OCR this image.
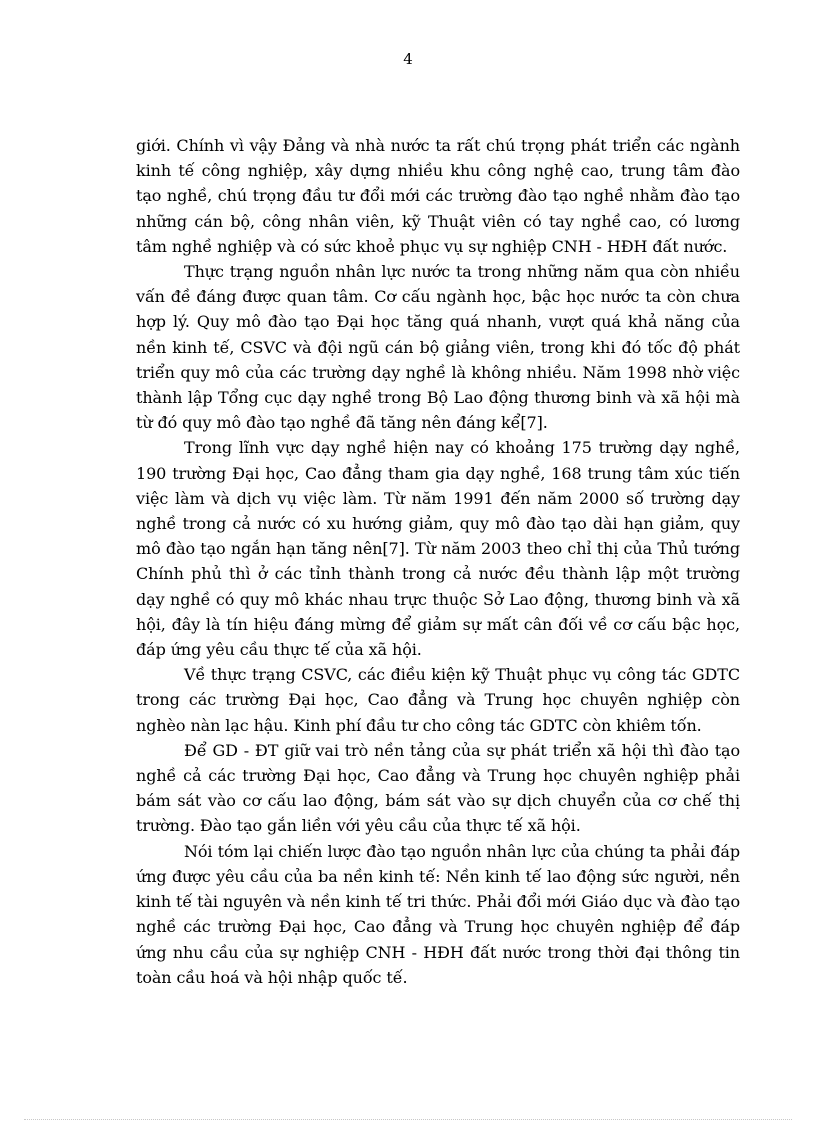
4

giới. Chính vì vậy Đảng và nhà nước ta rất chú trọng phát triển các ngành kinh tế công nghiệp, xây dựng nhiều khu công nghệ cao, trung tâm đào tạo nghề, chú trọng đầu tư đổi mới các trường đào tạo nghề nhằm đào tạo những cán bộ, công nhân viên, kỹ Thuật viên có tay nghề cao, có lương tâm nghề nghiệp và có sức khoẻ phục vụ sự nghiệp CNH - HĐH đất nước.

Thực trạng nguồn nhân lực nước ta trong những năm qua còn nhiều vấn đề đáng được quan tâm. Cơ cấu ngành học, bậc học nước ta còn chưa hợp lý. Quy mô đào tạo Đại học tăng quá nhanh, vượt quá khả năng của nền kinh tế, CSVC và đội ngũ cán bộ giảng viên, trong khi đó tốc độ phát triển quy mô của các trường dạy nghề là không nhiều. Năm 1998 nhờ việc thành lập Tổng cục dạy nghề trong Bộ Lao động thương binh và xã hội mà từ đó quy mô đào tạo nghề đã tăng nên đáng kể[7].

Trong lĩnh vực dạy nghề hiện nay có khoảng 175 trường dạy nghề, 190 trường Đại học, Cao đẳng tham gia dạy nghề, 168 trung tâm xúc tiến việc làm và dịch vụ việc làm. Từ năm 1991 đến năm 2000 số trường dạy nghề trong cả nước có xu hướng giảm, quy mô đào tạo dài hạn giảm, quy mô đào tạo ngắn hạn tăng nên[7]. Từ năm 2003 theo chỉ thị của Thủ tướng Chính phủ thì ở các tỉnh thành trong cả nước đều thành lập một trường dạy nghề có quy mô khác nhau trực thuộc Sở Lao động, thương binh và xã hội, đây là tín hiệu đáng mừng để giảm sự mất cân đối về cơ cấu bậc học, đáp ứng yêu cầu thực tế của xã hội.

Về thực trạng CSVC, các điều kiện kỹ Thuật phục vụ công tác GDTC trong các trường Đại học, Cao đẳng và Trung học chuyên nghiệp còn nghèo nàn lạc hậu. Kinh phí đầu tư cho công tác GDTC còn khiêm tốn.

Để GD - ĐT giữ vai trò nền tảng của sự phát triển xã hội thì đào tạo nghề cả các trường Đại học, Cao đẳng và Trung học chuyên nghiệp phải bám sát vào cơ cấu lao động, bám sát vào sự dịch chuyển của cơ chế thị trường. Đào tạo gắn liền với yêu cầu của thực tế xã hội.

Nói tóm lại chiến lược đào tạo nguồn nhân lực của chúng ta phải đáp ứng được yêu cầu của ba nền kinh tế: Nền kinh tế lao động sức người, nền kinh tế tài nguyên và nền kinh tế tri thức. Phải đổi mới Giáo dục và đào tạo nghề các trường Đại học, Cao đẳng và Trung học chuyên nghiệp để đáp ứng nhu cầu của sự nghiệp CNH - HĐH đất nước trong thời đại thông tin toàn cầu hoá và hội nhập quốc tế.
